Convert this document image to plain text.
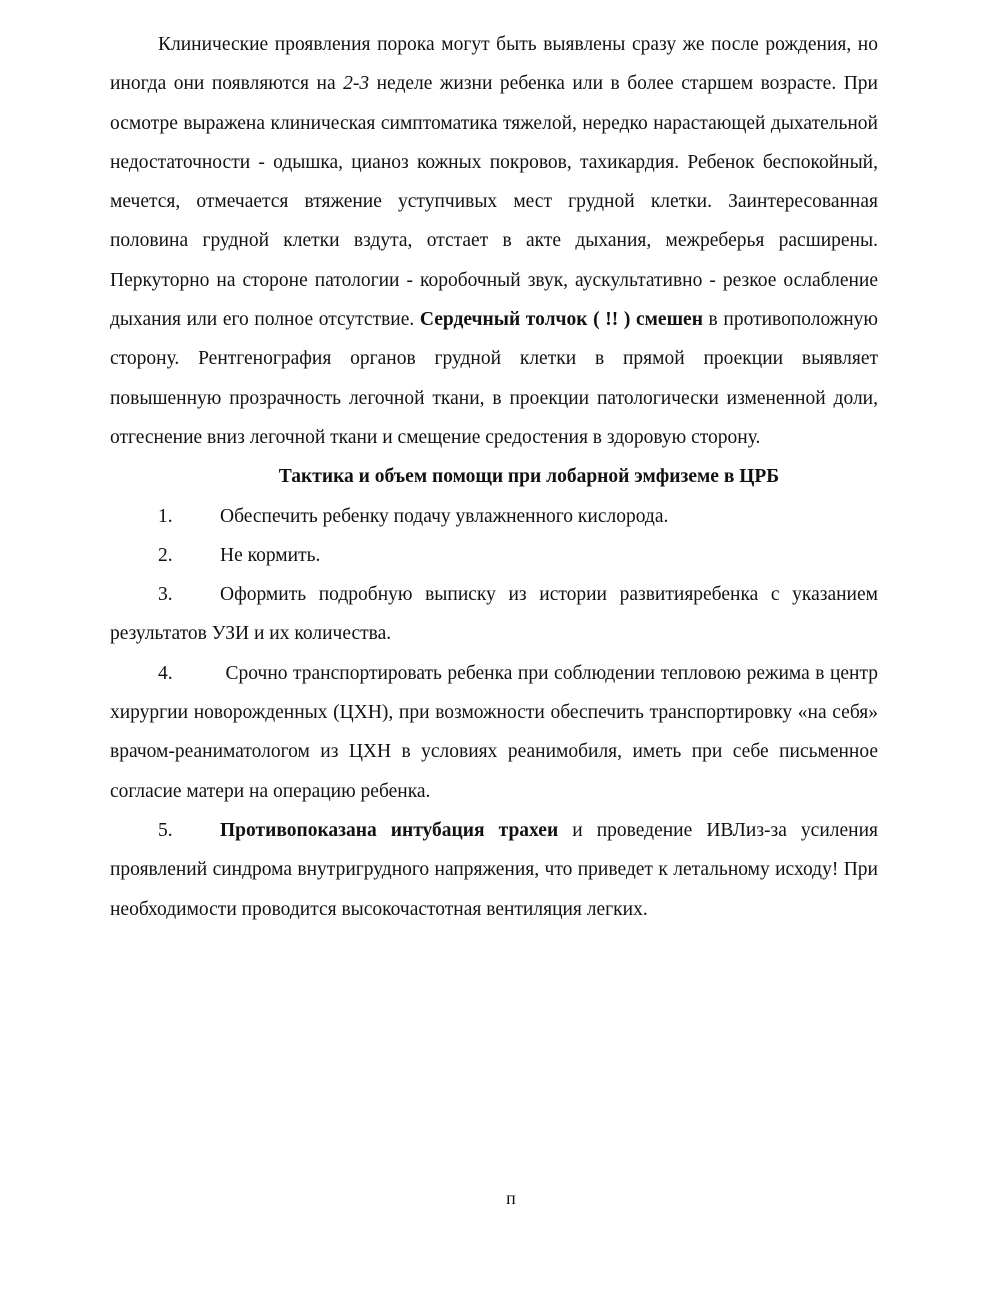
Клинические проявления порока могут быть выявлены сразу же после рождения, но иногда они появляются на 2-3 неделе жизни ребенка или в более старшем возрасте. При осмотре выражена клиническая симптоматика тяжелой, нередко нарастающей дыхательной недостаточности - одышка, цианоз кожных покровов, тахикардия. Ребенок беспокойный, мечется, отмечается втяжение уступчивых мест грудной клетки. Заинтересованная половина грудной клетки вздута, отстает в акте дыхания, межреберья расширены. Перкуторно на стороне патологии - коробочный звук, аускультативно - резкое ослабление дыхания или его полное отсутствие. Сердечный толчок ( !! ) смешен в противоположную сторону. Рентгенография органов грудной клетки в прямой проекции выявляет повышенную прозрачность легочной ткани, в проекции патологически измененной доли, отгеснение вниз легочной ткани и смещение средостения в здоровую сторону.

Тактика и объем помощи при лобарной эмфиземе в ЦРБ

1. Обеспечить ребенку подачу увлажненного кислорода.

2. Не кормить.

3. Оформить подробную выписку из истории развитияребенка с указанием результатов УЗИ и их количества.

4. Срочно транспортировать ребенка при соблюдении тепловою режима в центр хирургии новорожденных (ЦХН), при возможности обеспечить транспортировку «на себя» врачом-реаниматологом из ЦХН в условиях реанимобиля, иметь при себе письменное согласие матери на операцию ребенка.

5. Противопоказана интубация трахеи и проведение ИВЛиз-за усиления проявлений синдрома внутригрудного напряжения, что приведет к летальному исходу! При необходимости проводится высокочастотная вентиляция легких.

п
